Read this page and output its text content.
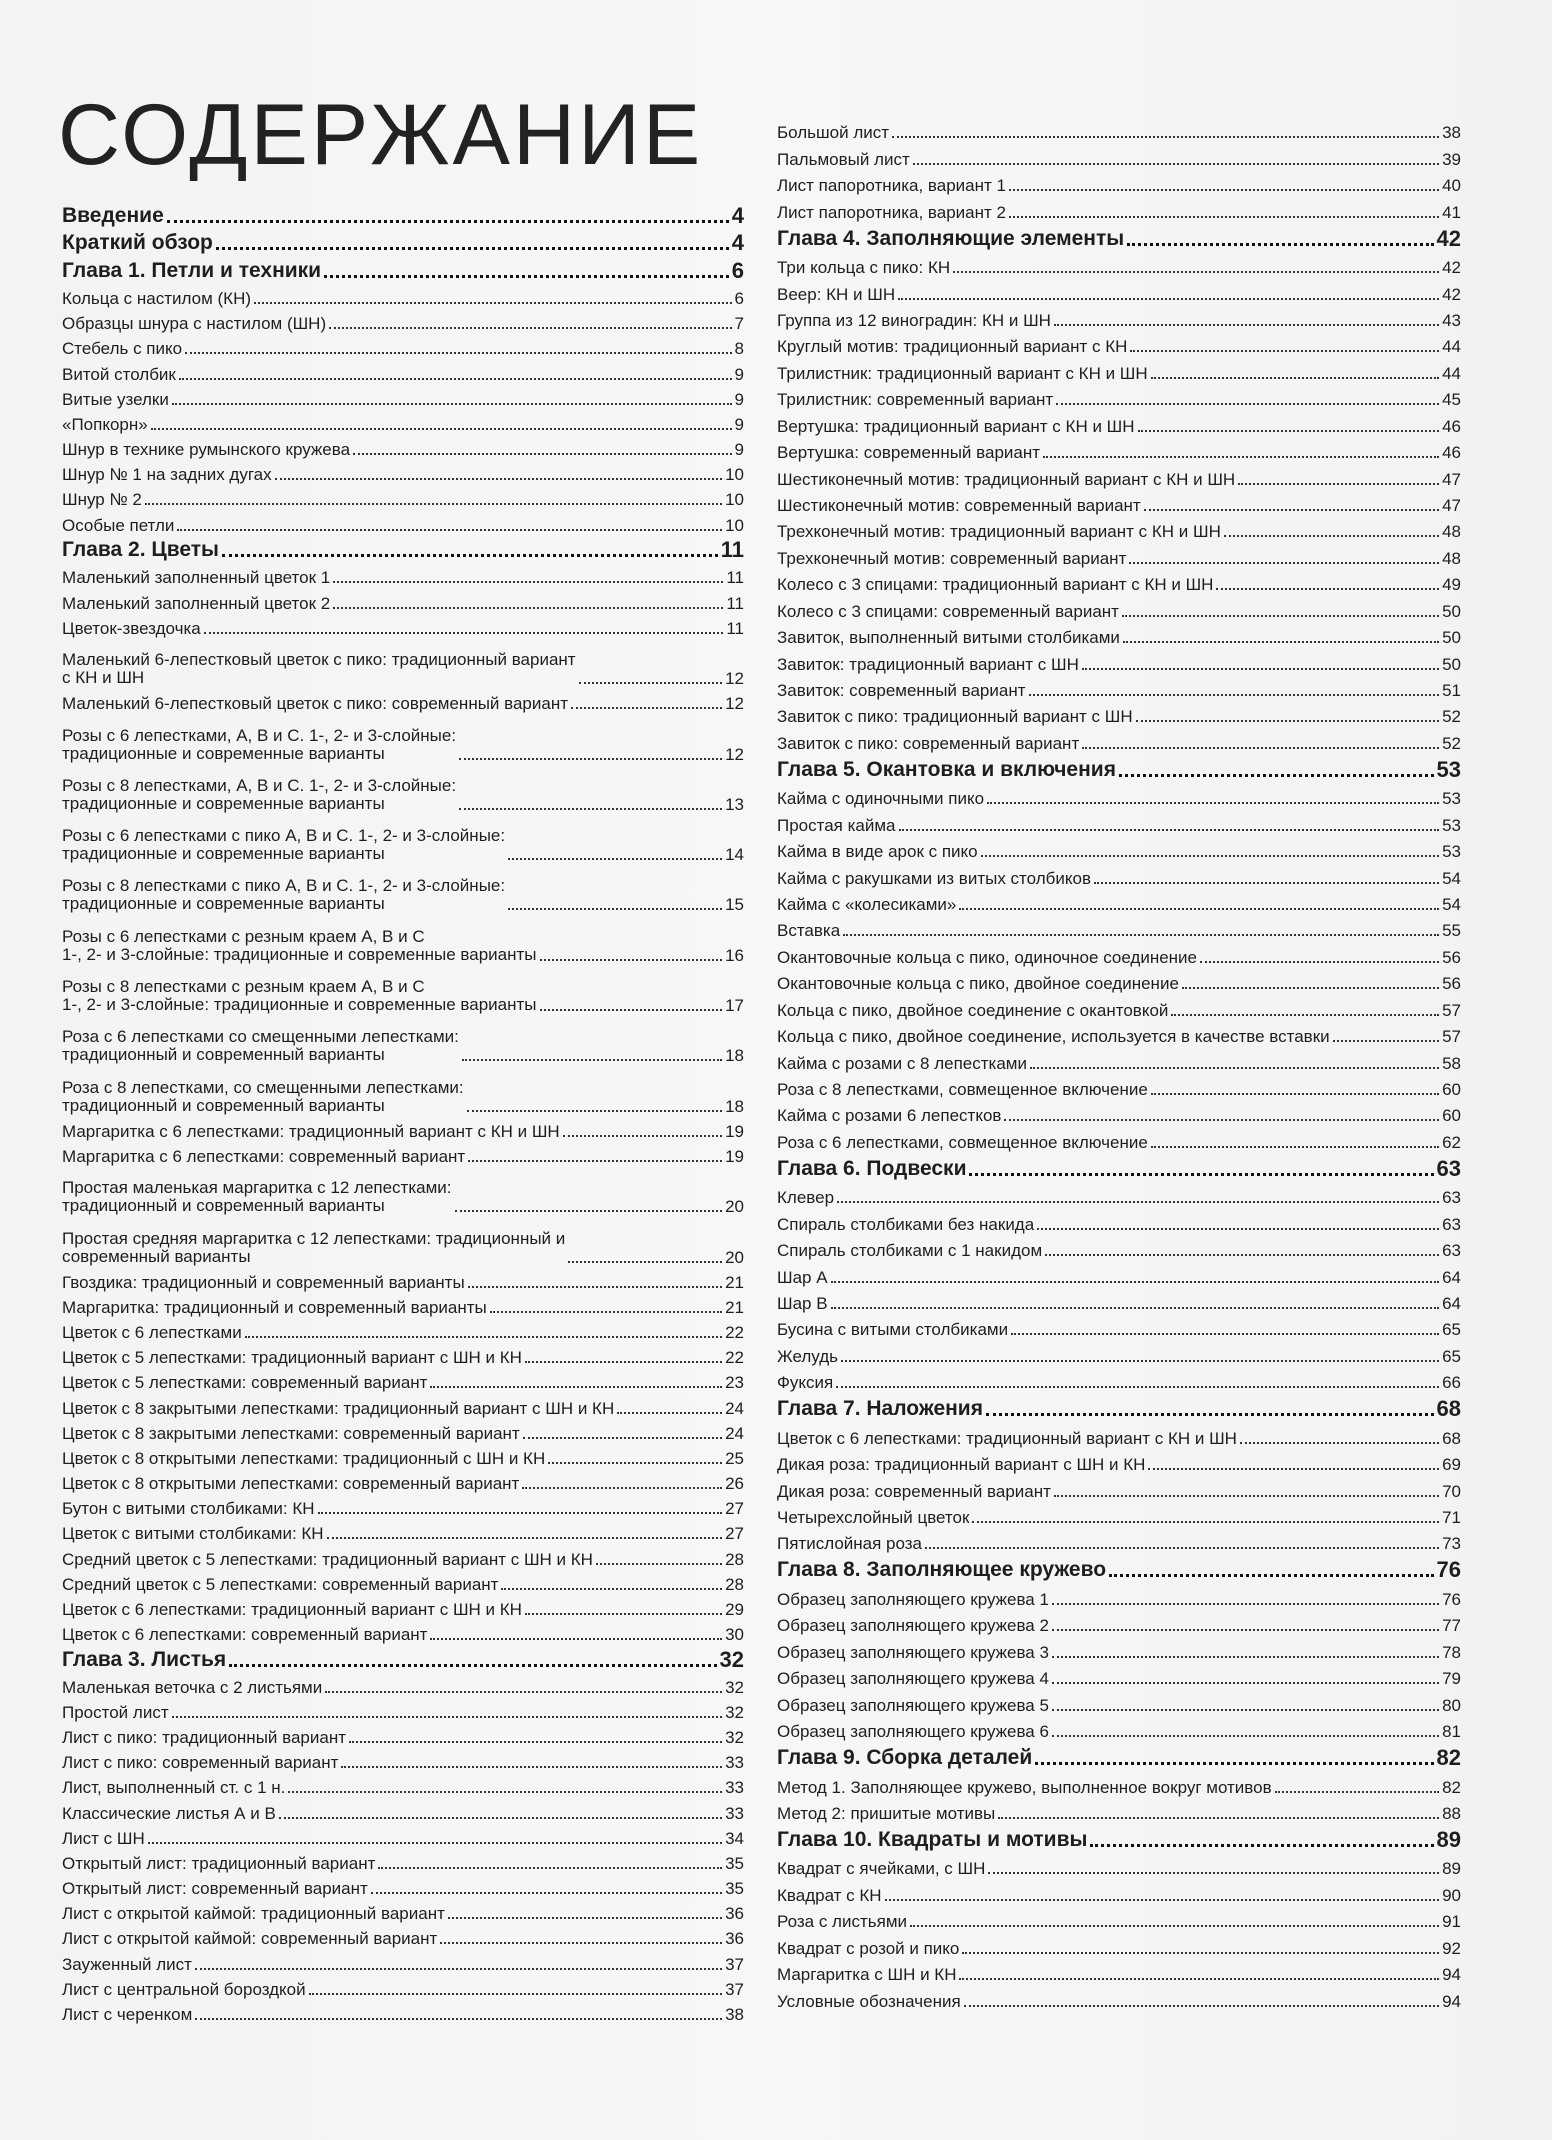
СОДЕРЖАНИЕ
Введение	4
Краткий обзор	4
Глава 1. Петли и техники	6
Кольца с настилом (КН)	6
Образцы шнура с настилом (ШН)	7
Стебель с пико	8
Витой столбик	9
Витые узелки	9
«Попкорн»	9
Шнур в технике румынского кружева	9
Шнур № 1 на задних дугах	10
Шнур № 2	10
Особые петли	10
Глава 2. Цветы	11
Маленький заполненный цветок 1	11
Маленький заполненный цветок 2	11
Цветок-звездочка	11
Маленький 6-лепестковый цветок с пико: традиционный вариант
с КН и ШН	12
Маленький 6-лепестковый цветок с пико: современный вариант	12
Розы с 6 лепестками, А, В и С. 1-, 2- и 3-слойные:
традиционные и современные варианты	12
Розы с 8 лепестками, А, В и С. 1-, 2- и 3-слойные:
традиционные и современные варианты	13
Розы с 6 лепестками с пико А, В и С. 1-, 2- и 3-слойные:
традиционные и современные варианты	14
Розы с 8 лепестками с пико А, В и С. 1-, 2- и 3-слойные:
традиционные и современные варианты	15
Розы с 6 лепестками с резным краем А, В и С
1-, 2- и 3-слойные: традиционные и современные варианты	16
Розы с 8 лепестками с резным краем А, В и С
1-, 2- и 3-слойные: традиционные и современные варианты	17
Роза с 6 лепестками со смещенными лепестками:
традиционный и современный варианты	18
Роза с 8 лепестками, со смещенными лепестками:
традиционный и современный варианты	18
Маргаритка с 6 лепестками: традиционный вариант с КН и ШН	19
Маргаритка с 6 лепестками: современный вариант	19
Простая маленькая маргаритка с 12 лепестками:
традиционный и современный варианты	20
Простая средняя маргаритка с 12 лепестками: традиционный и
современный варианты	20
Гвоздика: традиционный и современный варианты	21
Маргаритка: традиционный и современный варианты	21
Цветок с 6 лепестками	22
Цветок с 5 лепестками: традиционный вариант с ШН и КН	22
Цветок с 5 лепестками: современный вариант	23
Цветок с 8 закрытыми лепестками: традиционный вариант с ШН и КН	24
Цветок с 8 закрытыми лепестками: современный вариант	24
Цветок с 8 открытыми лепестками: традиционный с ШН и КН	25
Цветок с 8 открытыми лепестками: современный вариант	26
Бутон с витыми столбиками: КН	27
Цветок с витыми столбиками: КН	27
Средний цветок с 5 лепестками: традиционный вариант с ШН и КН	28
Средний цветок с 5 лепестками: современный вариант	28
Цветок с 6 лепестками: традиционный вариант с ШН и КН	29
Цветок с 6 лепестками: современный вариант	30
Глава 3. Листья	32
Маленькая веточка с 2 листьями	32
Простой лист	32
Лист с пико: традиционный вариант	32
Лист с пико: современный вариант	33
Лист, выполненный ст. с 1 н.	33
Классические листья А и В	33
Лист с ШН	34
Открытый лист: традиционный вариант	35
Открытый лист: современный вариант	35
Лист с открытой каймой: традиционный вариант	36
Лист с открытой каймой: современный вариант	36
Зауженный лист	37
Лист с центральной бороздкой	37
Лист с черенком	38
Большой лист	38
Пальмовый лист	39
Лист папоротника, вариант 1	40
Лист папоротника, вариант 2	41
Глава 4. Заполняющие элементы	42
Три кольца с пико: КН	42
Веер: КН и ШН	42
Группа из 12 виноградин: КН и ШН	43
Круглый мотив: традиционный вариант с КН	44
Трилистник: традиционный вариант с КН и ШН	44
Трилистник: современный вариант	45
Вертушка: традиционный вариант с КН и ШН	46
Вертушка: современный вариант	46
Шестиконечный мотив: традиционный вариант с КН и ШН	47
Шестиконечный мотив: современный вариант	47
Трехконечный мотив: традиционный вариант с КН и ШН	48
Трехконечный мотив: современный вариант	48
Колесо с 3 спицами: традиционный вариант с КН и ШН	49
Колесо с 3 спицами: современный вариант	50
Завиток, выполненный витыми столбиками	50
Завиток: традиционный вариант с ШН	50
Завиток: современный вариант	51
Завиток с пико: традиционный вариант с ШН	52
Завиток с пико: современный вариант	52
Глава 5. Окантовка и включения	53
Кайма с одиночными пико	53
Простая кайма	53
Кайма в виде арок с пико	53
Кайма с ракушками из витых столбиков	54
Кайма с «колесиками»	54
Вставка	55
Окантовочные кольца с пико, одиночное соединение	56
Окантовочные кольца с пико, двойное соединение	56
Кольца с пико, двойное соединение с окантовкой	57
Кольца с пико, двойное соединение, используется в качестве вставки	57
Кайма с розами с 8 лепестками	58
Роза с 8 лепестками, совмещенное включение	60
Кайма с розами 6 лепестков	60
Роза с 6 лепестками, совмещенное включение	62
Глава 6. Подвески	63
Клевер	63
Спираль столбиками без накида	63
Спираль столбиками с 1 накидом	63
Шар А	64
Шар В	64
Бусина с витыми столбиками	65
Желудь	65
Фуксия	66
Глава 7. Наложения	68
Цветок с 6 лепестками: традиционный вариант с КН и ШН	68
Дикая роза: традиционный вариант с ШН и КН	69
Дикая роза: современный вариант	70
Четырехслойный цветок	71
Пятислойная роза	73
Глава 8. Заполняющее кружево	76
Образец заполняющего кружева 1	76
Образец заполняющего кружева 2	77
Образец заполняющего кружева 3	78
Образец заполняющего кружева 4	79
Образец заполняющего кружева 5	80
Образец заполняющего кружева 6	81
Глава 9. Сборка деталей	82
Метод 1. Заполняющее кружево, выполненное вокруг мотивов	82
Метод 2: пришитые мотивы	88
Глава 10. Квадраты и мотивы	89
Квадрат с ячейками, с ШН	89
Квадрат с КН	90
Роза с листьями	91
Квадрат с розой и пико	92
Маргаритка с ШН и КН	94
Условные обозначения	94
